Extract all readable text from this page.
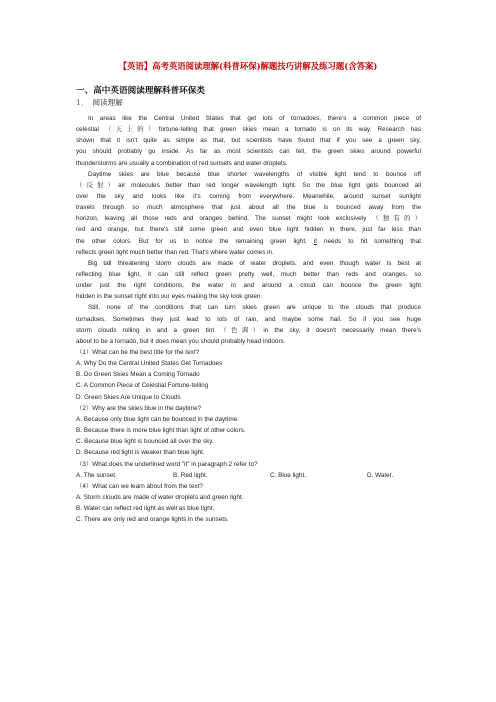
【英语】高考英语阅读理解(科普环保)解题技巧讲解及练习题(含答案)
一、高中英语阅读理解科普环保类
1． 阅读理解
In areas like the Central United States that get lots of tornadoes, there's a common piece of
celestial （天上的）fortune-telling that green skies mean a tornado is on its way. Research has
shown that it isn't quite as simple as that, but scientists have found that if you see a green sky,
you should probably go inside. As far as most scientists can tell, the green skies around powerful
thunderstorms are usually a combination of red sunsets and water droplets.
Daytime skies are blue because blue shorter wavelengths of visible light tend to bounce off
（反射）air molecules better than red longer wavelength light. So the blue light gets bounced all
over the sky and looks like it's coming from everywhere. Meanwhile, around sunset sunlight
travels through so much atmosphere that just about all the blue is bounced away from the
horizon, leaving all those reds and oranges behind. The sunset might look exclusively （独有的）
red and orange, but there's still some green and even blue light hidden in there, just far less than
the other colors. But for us to notice the remaining green light, it needs to hit something that
reflects green light much better than red. That's where water comes in.
Big tall threatening storm clouds are made of water droplets, and even though water is best at
reflecting blue light, it can still reflect green pretty well, much better than reds and oranges, so
under just the right conditions, the water in and around a cloud can bounce the green light
hidden in the sunset right into our eyes making the sky look green.
Still, none of the conditions that can turn skies green are unique to the clouds that produce
tornadoes. Sometimes they just lead to lots of rain, and maybe some hail. So if you see huge
storm clouds rolling in and a green tint （色调）in the sky, it doesn't necessarily mean there's
about to be a tornado, but it does mean you should probably head indoors.
（1）What can be the best title for the text?
A. Why Do the Central United States Get Tornadoes
B. Do Green Skies Mean a Coming Tornado
C. A Common Piece of Celestial Fortune-telling
D. Green Skies Are Unique to Clouds
（2）Why are the skies blue in the daytime?
A. Because only blue light can be bounced in the daytime.
B. Because there is more blue light than light of other colors.
C. Because blue light is bounced all over the sky.
D. Because red light is weaker than blue light.
（3）What does the underlined word "it" in paragraph 2 refer to?
A. The sunset.	B. Red light.	C. Blue light.	D. Water.
（4）What can we learn about from the text?
A. Storm clouds are made of water droplets and green light.
B. Water can reflect red light as well as blue light.
C. There are only red and orange lights in the sunsets.
